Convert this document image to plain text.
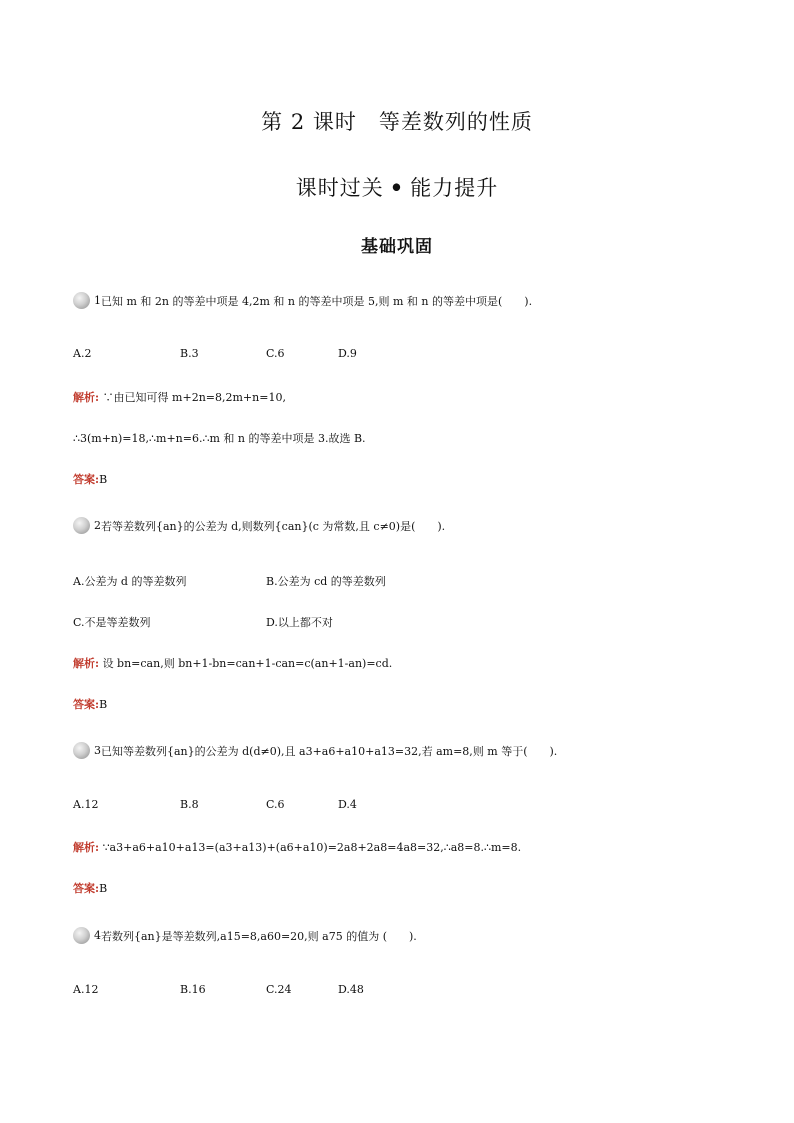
第 2 课时　等差数列的性质
课时过关 • 能力提升
基础巩固
1 已知 m 和 2n 的等差中项是 4,2m 和 n 的等差中项是 5,则 m 和 n 的等差中项是(　　).
A.2	B.3	C.6	D.9
解析: ∵由已知可得 m+2n=8,2m+n=10,
∴3(m+n)=18,∴m+n=6.∴m 和 n 的等差中项是 3.故选 B.
答案:B
2 若等差数列{an}的公差为 d,则数列{can}(c 为常数,且 c≠0)是(　　).
A.公差为 d 的等差数列	B.公差为 cd 的等差数列
C.不是等差数列	D.以上都不对
解析: 设 bn=can,则 bn+1-bn=can+1-can=c(an+1-an)=cd.
答案:B
3 已知等差数列{an}的公差为 d(d≠0),且 a3+a6+a10+a13=32,若 am=8,则 m 等于(　　).
A.12	B.8	C.6	D.4
解析: ∵a3+a6+a10+a13=(a3+a13)+(a6+a10)=2a8+2a8=4a8=32,∴a8=8.∴m=8.
答案:B
4 若数列{an}是等差数列,a15=8,a60=20,则 a75 的值为 (　　).
A.12	B.16	C.24	D.48
